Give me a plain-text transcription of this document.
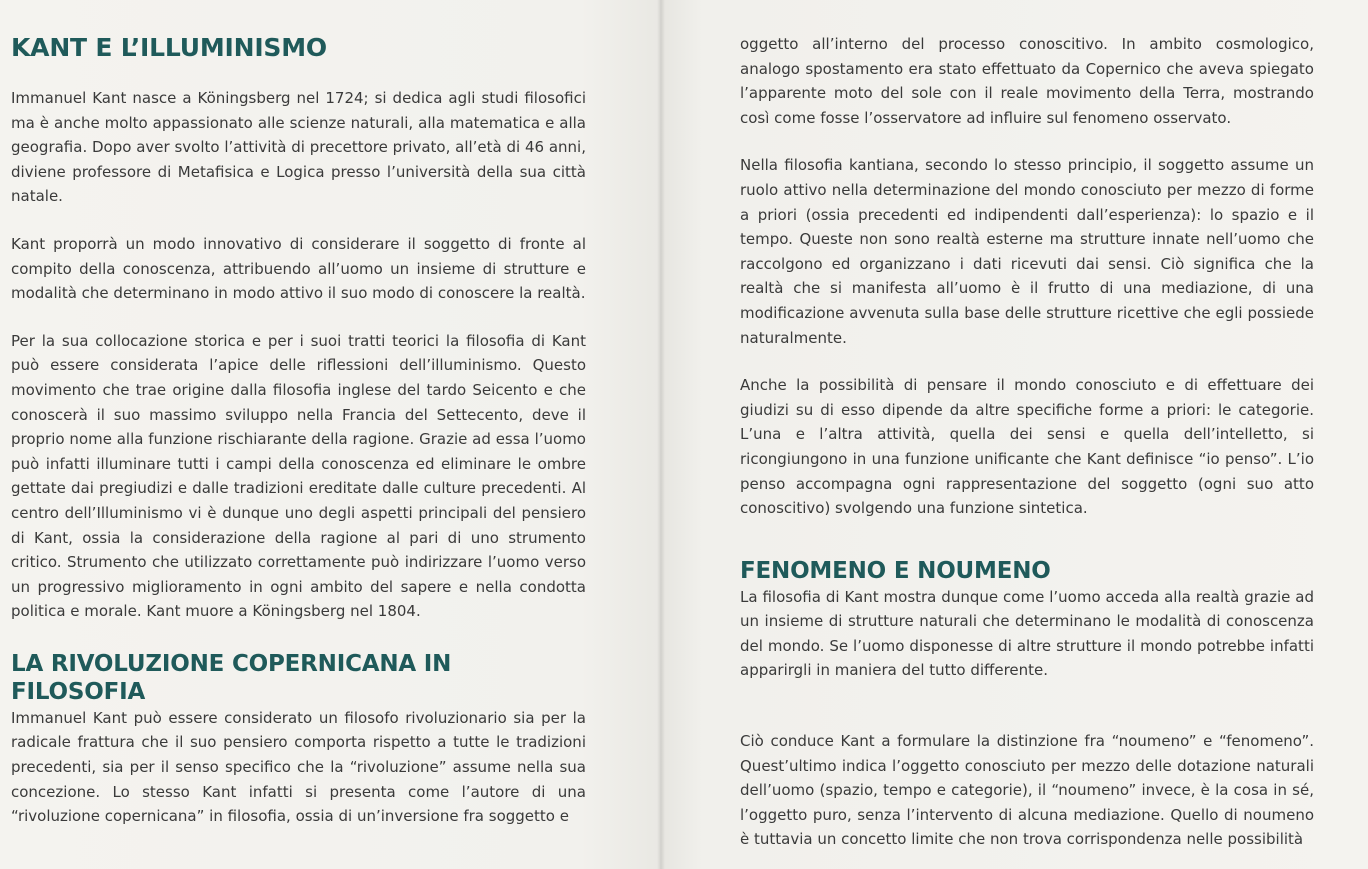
KANT E L’ILLUMINISMO

Immanuel Kant nasce a Köningsberg nel 1724; si dedica agli studi filosofici ma è anche molto appassionato alle scienze naturali, alla matematica e alla geografia. Dopo aver svolto l’attività di precettore privato, all’età di 46 anni, diviene professore di Metafisica e Logica presso l’università della sua città natale.

Kant proporrà un modo innovativo di considerare il soggetto di fronte al compito della conoscenza, attribuendo all’uomo un insieme di strutture e modalità che determinano in modo attivo il suo modo di conoscere la realtà.

Per la sua collocazione storica e per i suoi tratti teorici la filosofia di Kant può essere considerata l’apice delle riflessioni dell’illuminismo. Questo movimento che trae origine dalla filosofia inglese del tardo Seicento e che conoscerà il suo massimo sviluppo nella Francia del Settecento, deve il proprio nome alla funzione rischiarante della ragione. Grazie ad essa l’uomo può infatti illuminare tutti i campi della conoscenza ed eliminare le ombre gettate dai pregiudizi e dalle tradizioni ereditate dalle culture precedenti. Al centro dell’Illuminismo vi è dunque uno degli aspetti principali del pensiero di Kant, ossia la considerazione della ragione al pari di uno strumento critico. Strumento che utilizzato correttamente può indirizzare l’uomo verso un progressivo miglioramento in ogni ambito del sapere e nella condotta politica e morale. Kant muore a Köningsberg nel 1804.

LA RIVOLUZIONE COPERNICANA IN FILOSOFIA

Immanuel Kant può essere considerato un filosofo rivoluzionario sia per la radicale frattura che il suo pensiero comporta rispetto a tutte le tradizioni precedenti, sia per il senso specifico che la “rivoluzione” assume nella sua concezione. Lo stesso Kant infatti si presenta come l’autore di una “rivoluzione copernicana” in filosofia, ossia di un’inversione fra soggetto e

oggetto all’interno del processo conoscitivo. In ambito cosmologico, analogo spostamento era stato effettuato da Copernico che aveva spiegato l’apparente moto del sole con il reale movimento della Terra, mostrando così come fosse l’osservatore ad influire sul fenomeno osservato.

Nella filosofia kantiana, secondo lo stesso principio, il soggetto assume un ruolo attivo nella determinazione del mondo conosciuto per mezzo di forme a priori (ossia precedenti ed indipendenti dall’esperienza): lo spazio e il tempo. Queste non sono realtà esterne ma strutture innate nell’uomo che raccolgono ed organizzano i dati ricevuti dai sensi. Ciò significa che la realtà che si manifesta all’uomo è il frutto di una mediazione, di una modificazione avvenuta sulla base delle strutture ricettive che egli possiede naturalmente.

Anche la possibilità di pensare il mondo conosciuto e di effettuare dei giudizi su di esso dipende da altre specifiche forme a priori: le categorie. L’una e l’altra attività, quella dei sensi e quella dell’intelletto, si ricongiungono in una funzione unificante che Kant definisce “io penso”. L’io penso accompagna ogni rappresentazione del soggetto (ogni suo atto conoscitivo) svolgendo una funzione sintetica.

FENOMENO E NOUMENO

La filosofia di Kant mostra dunque come l’uomo acceda alla realtà grazie ad un insieme di strutture naturali che determinano le modalità di conoscenza del mondo. Se l’uomo disponesse di altre strutture il mondo potrebbe infatti apparirgli in maniera del tutto differente.

Ciò conduce Kant a formulare la distinzione fra “noumeno” e “fenomeno”. Quest’ultimo indica l’oggetto conosciuto per mezzo delle dotazione naturali dell’uomo (spazio, tempo e categorie), il “noumeno” invece, è la cosa in sé, l’oggetto puro, senza l’intervento di alcuna mediazione. Quello di noumeno è tuttavia un concetto limite che non trova corrispondenza nelle possibilità
